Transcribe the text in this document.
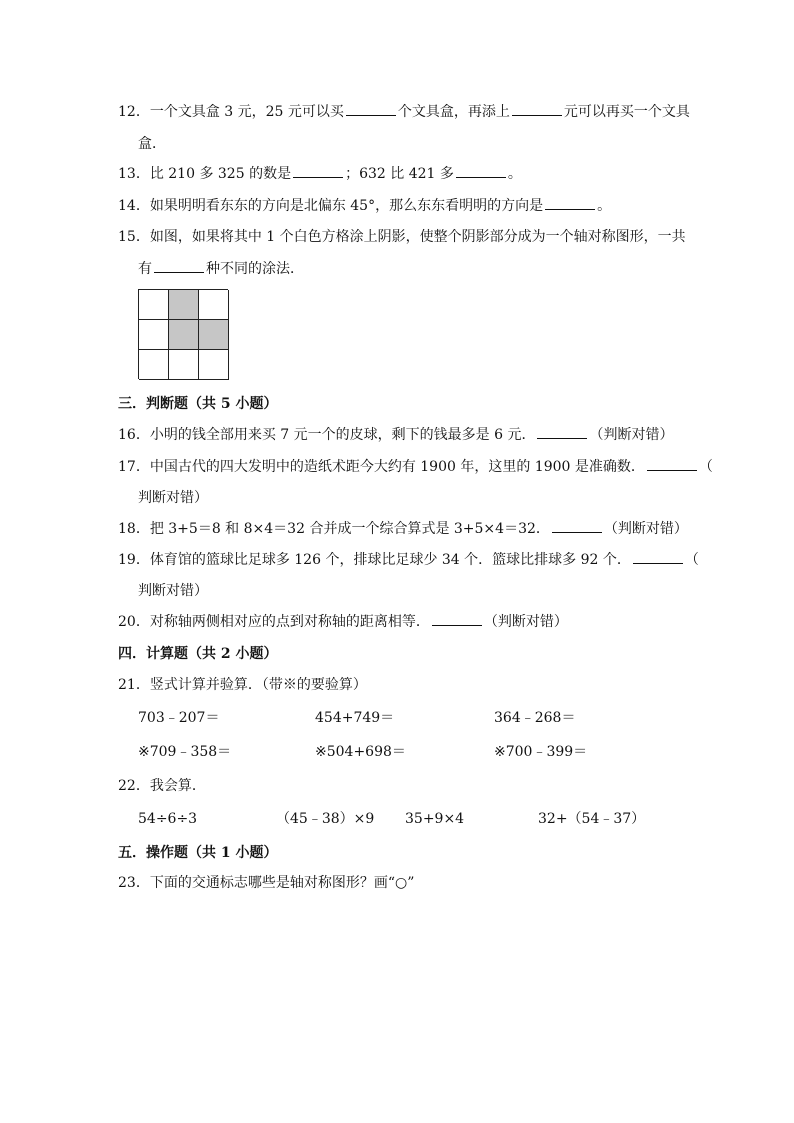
12．一个文具盒 3 元，25 元可以买	个文具盒，再添上	元可以再买一个文具
盒．
13．比 210 多 325 的数是	；632 比 421 多	。
14．如果明明看东东的方向是北偏东 45°，那么东东看明明的方向是	。
15．如图，如果将其中 1 个白色方格涂上阴影，使整个阴影部分成为一个轴对称图形，一共
有	种不同的涂法．
三．判断题（共 5 小题）
16．小明的钱全部用来买 7 元一个的皮球，剩下的钱最多是 6 元．	（判断对错）
17．中国古代的四大发明中的造纸术距今大约有 1900 年，这里的 1900 是准确数．	（
判断对错）
18．把 3+5＝8 和 8×4＝32 合并成一个综合算式是 3+5×4＝32．	（判断对错）
19．体育馆的篮球比足球多 126 个，排球比足球少 34 个．篮球比排球多 92 个．	（
判断对错）
20．对称轴两侧相对应的点到对称轴的距离相等．	（判断对错）
四．计算题（共 2 小题）
21．竖式计算并验算．（带※的要验算）
703﹣207＝	454+749＝	364﹣268＝
※709﹣358＝	※504+698＝	※700﹣399＝
22．我会算．
54÷6÷3	（45﹣38）×9 35+9×4	32+（54﹣37）
五．操作题（共 1 小题）
23．下面的交通标志哪些是轴对称图形？画“○”
